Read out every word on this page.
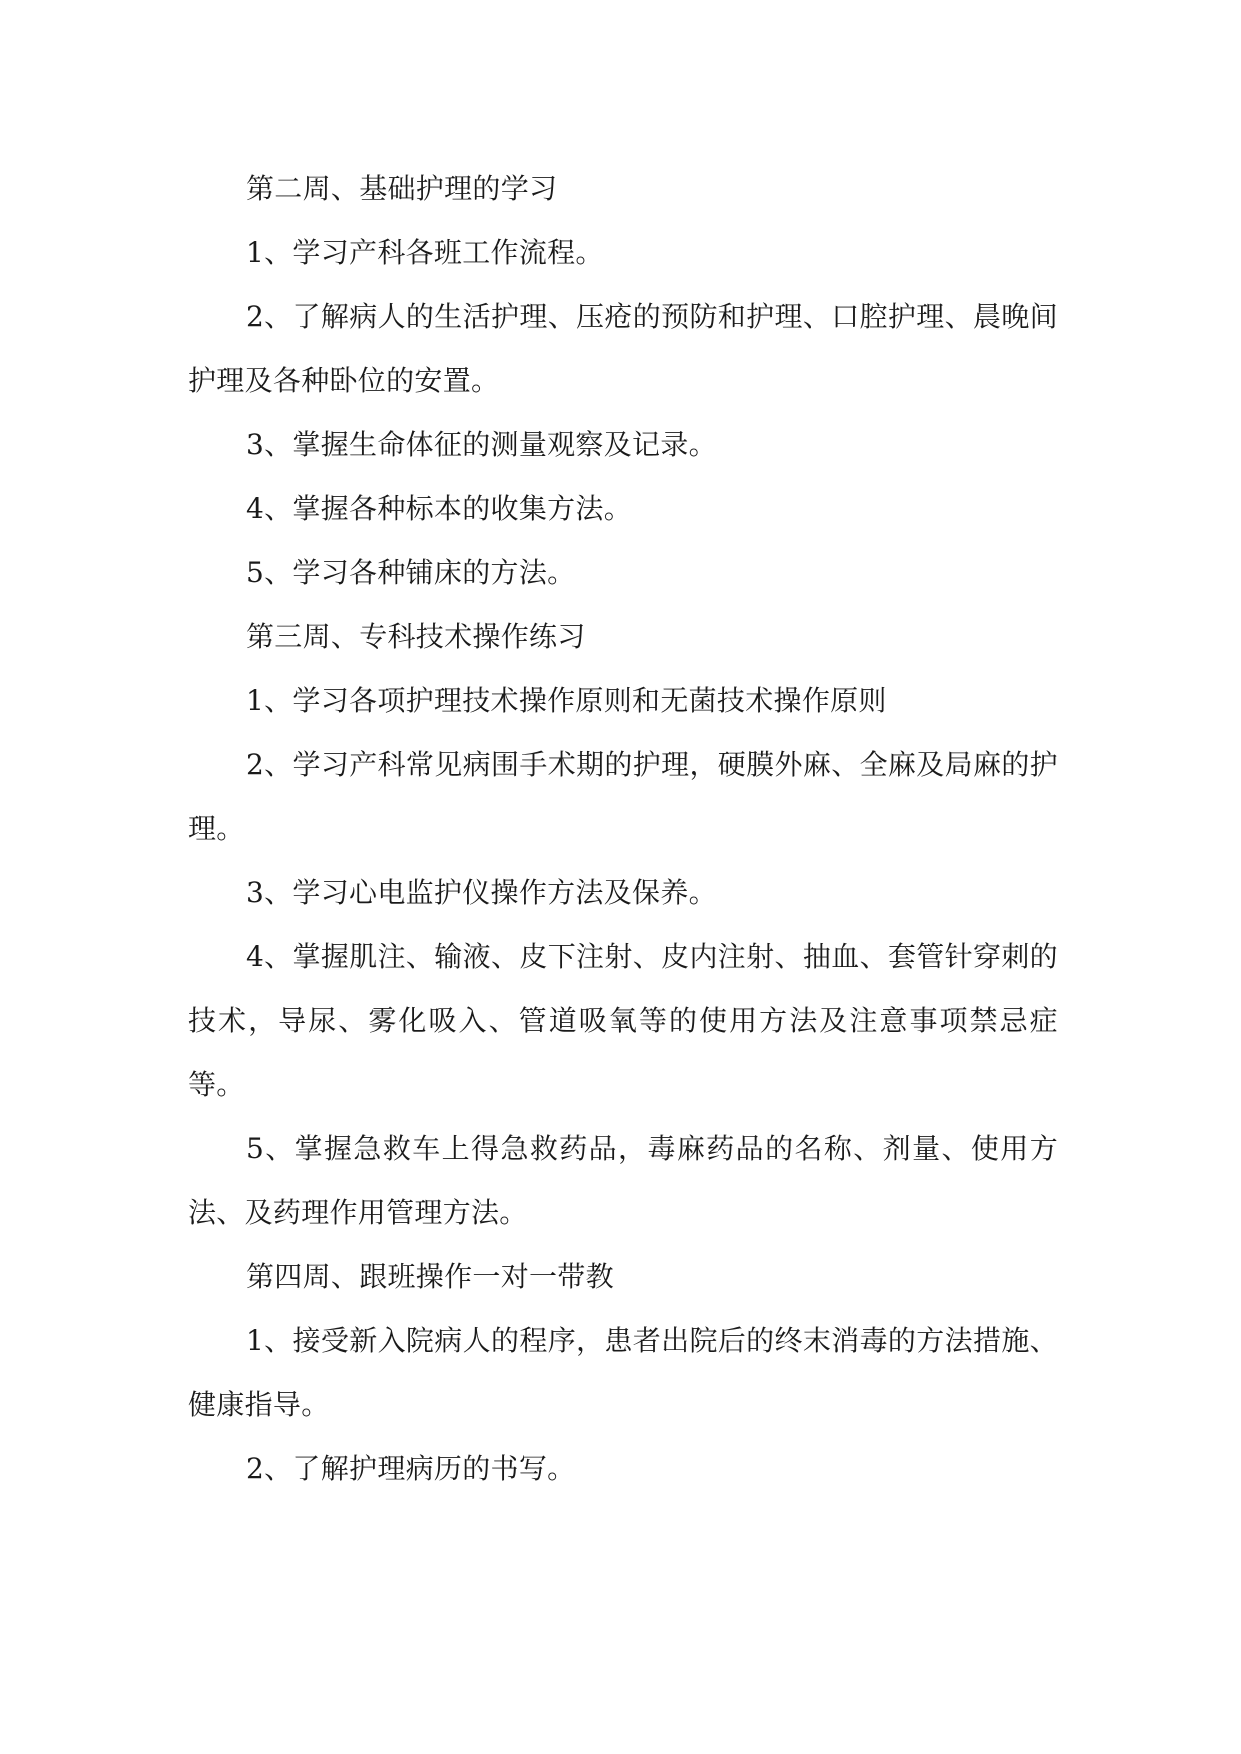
第二周、基础护理的学习

1、学习产科各班工作流程。

2、了解病人的生活护理、压疮的预防和护理、口腔护理、晨晚间护理及各种卧位的安置。

3、掌握生命体征的测量观察及记录。

4、掌握各种标本的收集方法。

5、学习各种铺床的方法。

第三周、专科技术操作练习

1、学习各项护理技术操作原则和无菌技术操作原则

2、学习产科常见病围手术期的护理，硬膜外麻、全麻及局麻的护理。

3、学习心电监护仪操作方法及保养。

4、掌握肌注、输液、皮下注射、皮内注射、抽血、套管针穿刺的技术，导尿、雾化吸入、管道吸氧等的使用方法及注意事项禁忌症等。

5、掌握急救车上得急救药品，毒麻药品的名称、剂量、使用方法、及药理作用管理方法。

第四周、跟班操作一对一带教

1、接受新入院病人的程序，患者出院后的终末消毒的方法措施、健康指导。

2、了解护理病历的书写。
